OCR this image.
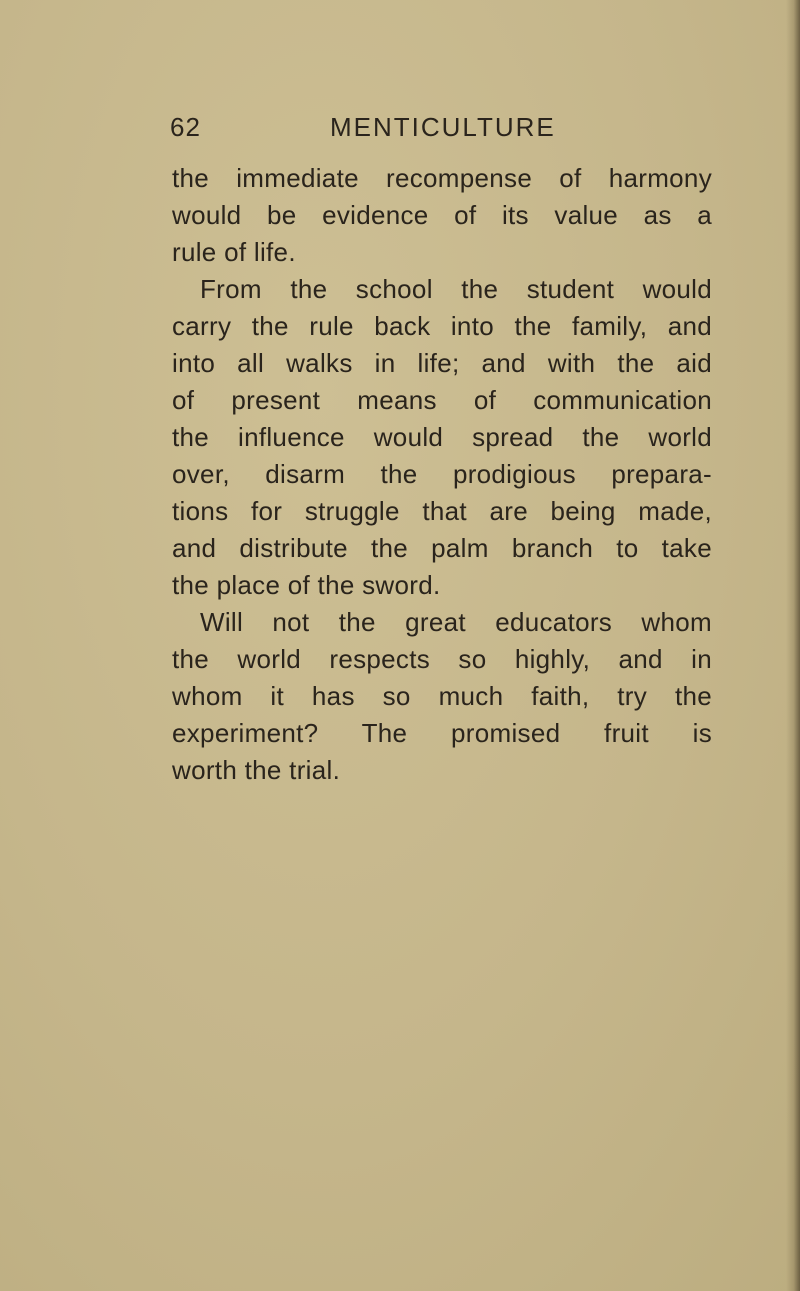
62	MENTICULTURE
the immediate recompense of harmony
would be evidence of its value as a
rule of life.
From the school the student would
carry the rule back into the family, and
into all walks in life; and with the aid
of present means of communication
the influence would spread the world
over, disarm the prodigious prepara-
tions for struggle that are being made,
and distribute the palm branch to take
the place of the sword.
Will not the great educators whom
the world respects so highly, and in
whom it has so much faith, try the
experiment? The promised fruit is
worth the trial.
